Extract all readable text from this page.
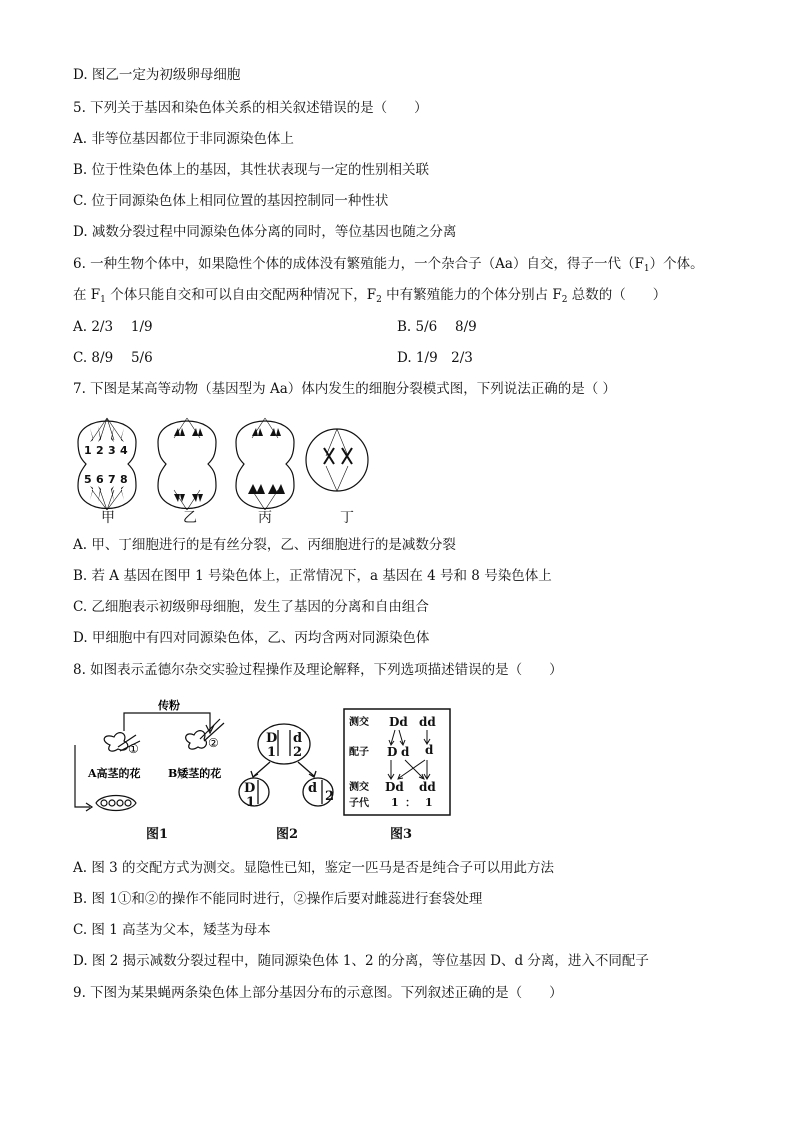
D. 图乙一定为初级卵母细胞
5. 下列关于基因和染色体关系的相关叙述错误的是（　　）
A. 非等位基因都位于非同源染色体上
B. 位于性染色体上的基因，其性状表现与一定的性别相关联
C. 位于同源染色体上相同位置的基因控制同一种性状
D. 减数分裂过程中同源染色体分离的同时，等位基因也随之分离
6. 一种生物个体中，如果隐性个体的成体没有繁殖能力，一个杂合子（Aa）自交，得子一代$(F_1)$个体。
在 $F_1$ 个体只能自交和可以自由交配两种情况下，$F_2$ 中有繁殖能力的个体分别占 $F_2$ 总数的（　　）
A. 2/3　 1/9	B. 5/6　 8/9
C. 8/9　 5/6	D. 1/9　2/3
7. 下图是某高等动物（基因型为 Aa）体内发生的细胞分裂模式图，下列说法正确的是（ ）
1 2 3 4
5 6 7 8
甲	乙	丙	丁
A. 甲、丁细胞进行的是有丝分裂，乙、丙细胞进行的是减数分裂
B. 若 A 基因在图甲 1 号染色体上，正常情况下，a 基因在 4 号和 8 号染色体上
C. 乙细胞表示初级卵母细胞，发生了基因的分离和自由组合
D. 甲细胞中有四对同源染色体，乙、丙均含两对同源染色体
8. 如图表示孟德尔杂交实验过程操作及理论解释，下列选项描述错误的是（　　）
传粉
①	②
A高茎的花 B矮茎的花
图1
D d
1 2
D
1
d
2
图2
测交 Dd dd
配子 D d d
测交 Dd dd
子代 1 ： 1
图3
A. 图 3 的交配方式为测交。显隐性已知，鉴定一匹马是否是纯合子可以用此方法
B. 图 1①和②的操作不能同时进行，②操作后要对雌蕊进行套袋处理
C. 图 1 高茎为父本，矮茎为母本
D. 图 2 揭示减数分裂过程中，随同源染色体 1、2 的分离，等位基因 D、d 分离，进入不同配子
9. 下图为某果蝇两条染色体上部分基因分布的示意图。下列叙述正确的是（　　）
